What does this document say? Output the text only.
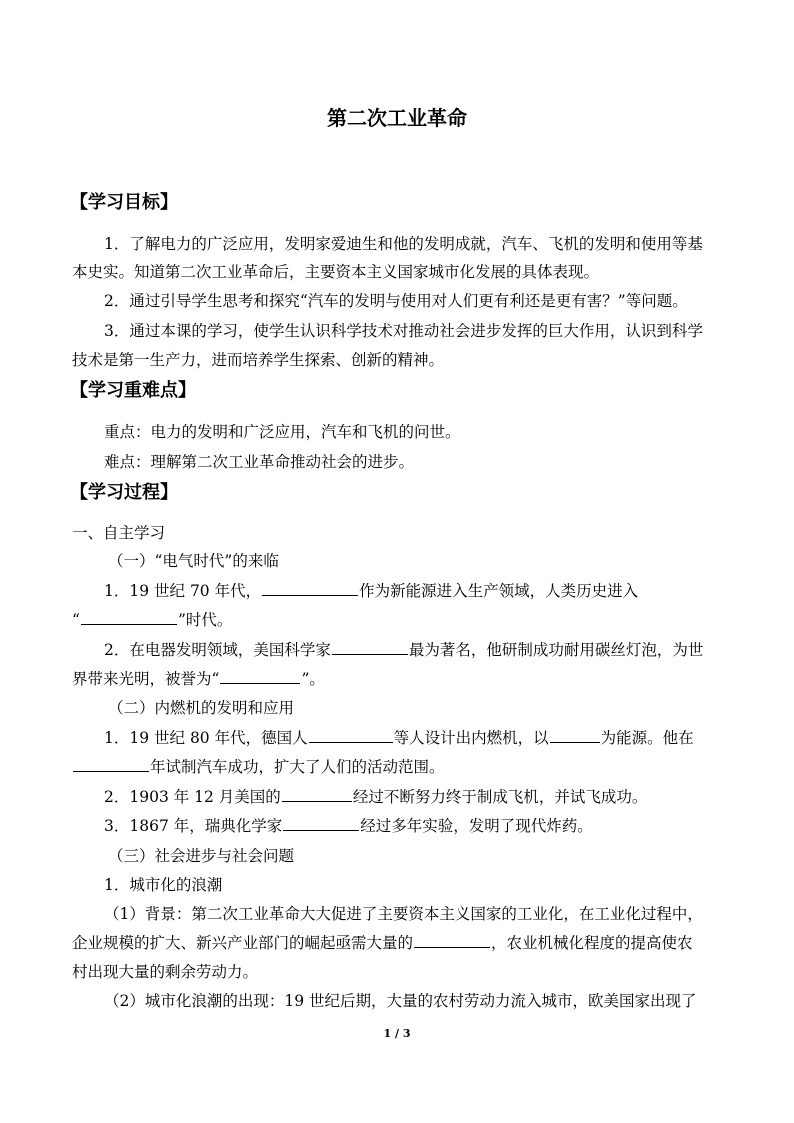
第二次工业革命
【学习目标】
1．了解电力的广泛应用，发明家爱迪生和他的发明成就，汽车、飞机的发明和使用等基
本史实。知道第二次工业革命后，主要资本主义国家城市化发展的具体表现。
2．通过引导学生思考和探究“汽车的发明与使用对人们更有利还是更有害？”等问题。
3．通过本课的学习，使学生认识科学技术对推动社会进步发挥的巨大作用，认识到科学
技术是第一生产力，进而培养学生探索、创新的精神。
【学习重难点】
重点：电力的发明和广泛应用，汽车和飞机的问世。
难点：理解第二次工业革命推动社会的进步。
【学习过程】
一、自主学习
（一）“电气时代”的来临
1．19 世纪 70 年代，	作为新能源进入生产领域，人类历史进入
“	”时代。
2．在电器发明领域，美国科学家	最为著名，他研制成功耐用碳丝灯泡，为世
界带来光明，被誉为“	”。
（二）内燃机的发明和应用
1．19 世纪 80 年代，德国人	等人设计出内燃机，以	为能源。他在
年试制汽车成功，扩大了人们的活动范围。
2．1903 年 12 月美国的	经过不断努力终于制成飞机，并试飞成功。
3．1867 年，瑞典化学家	经过多年实验，发明了现代炸药。
（三）社会进步与社会问题
1．城市化的浪潮
（1）背景：第二次工业革命大大促进了主要资本主义国家的工业化，在工业化过程中，
企业规模的扩大、新兴产业部门的崛起亟需大量的	，农业机械化程度的提高使农
村出现大量的剩余劳动力。
（2）城市化浪潮的出现：19 世纪后期，大量的农村劳动力流入城市，欧美国家出现了
1 / 3
